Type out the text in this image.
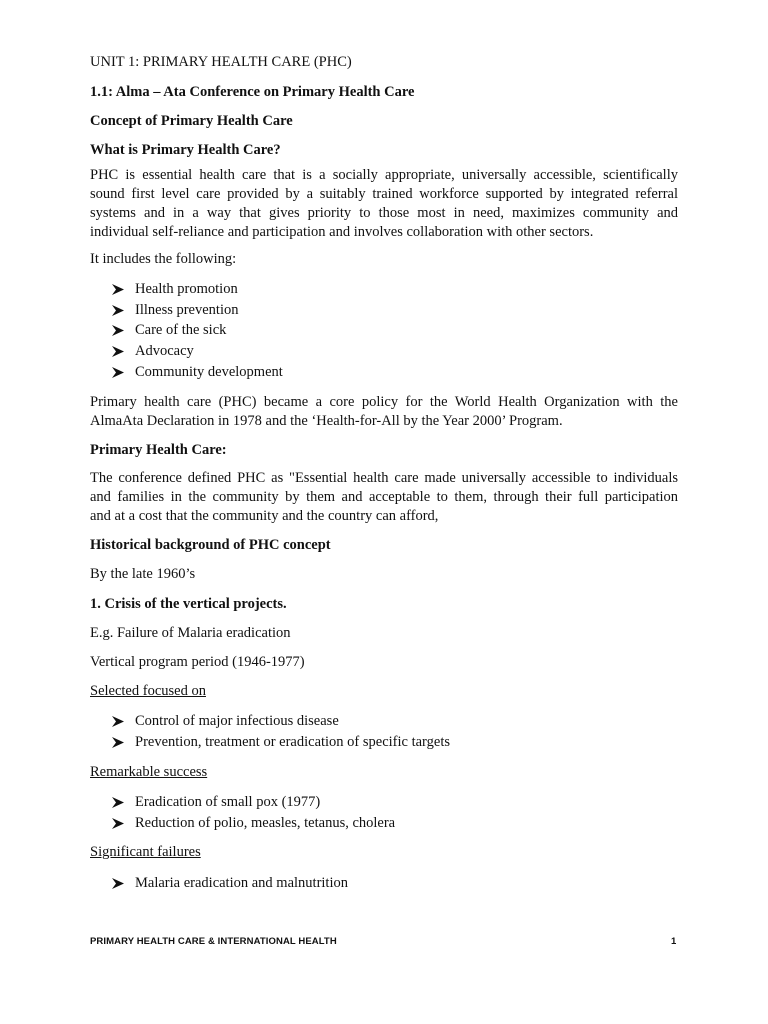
UNIT 1: PRIMARY HEALTH CARE (PHC)

1.1: Alma – Ata Conference on Primary Health Care

Concept of Primary Health Care

What is Primary Health Care?

PHC is essential health care that is a socially appropriate, universally accessible, scientifically
sound first level care provided by a suitably trained workforce supported by integrated referral
systems and in a way that gives priority to those most in need, maximizes community and
individual self-reliance and participation and involves collaboration with other sectors.

It includes the following:

Health promotion
Illness prevention
Care of the sick
Advocacy
Community development
Primary health care (PHC) became a core policy for the World Health Organization with the
AlmaAta Declaration in 1978 and the ‘Health-for-All by the Year 2000’ Program.

Primary Health Care:

The conference defined PHC as "Essential health care made universally accessible to individuals
and families in the community by them and acceptable to them, through their full participation
and at a cost that the community and the country can afford,

Historical background of PHC concept

By the late 1960’s

1. Crisis of the vertical projects.

E.g. Failure of Malaria eradication

Vertical program period (1946-1977)

Selected focused on

Control of major infectious disease
Prevention, treatment or eradication of specific targets

Remarkable success

Eradication of small pox (1977)
Reduction of polio, measles, tetanus, cholera

Significant failures

Malaria eradication and malnutrition
PRIMARY HEALTH CARE & INTERNATIONAL HEALTH	1
